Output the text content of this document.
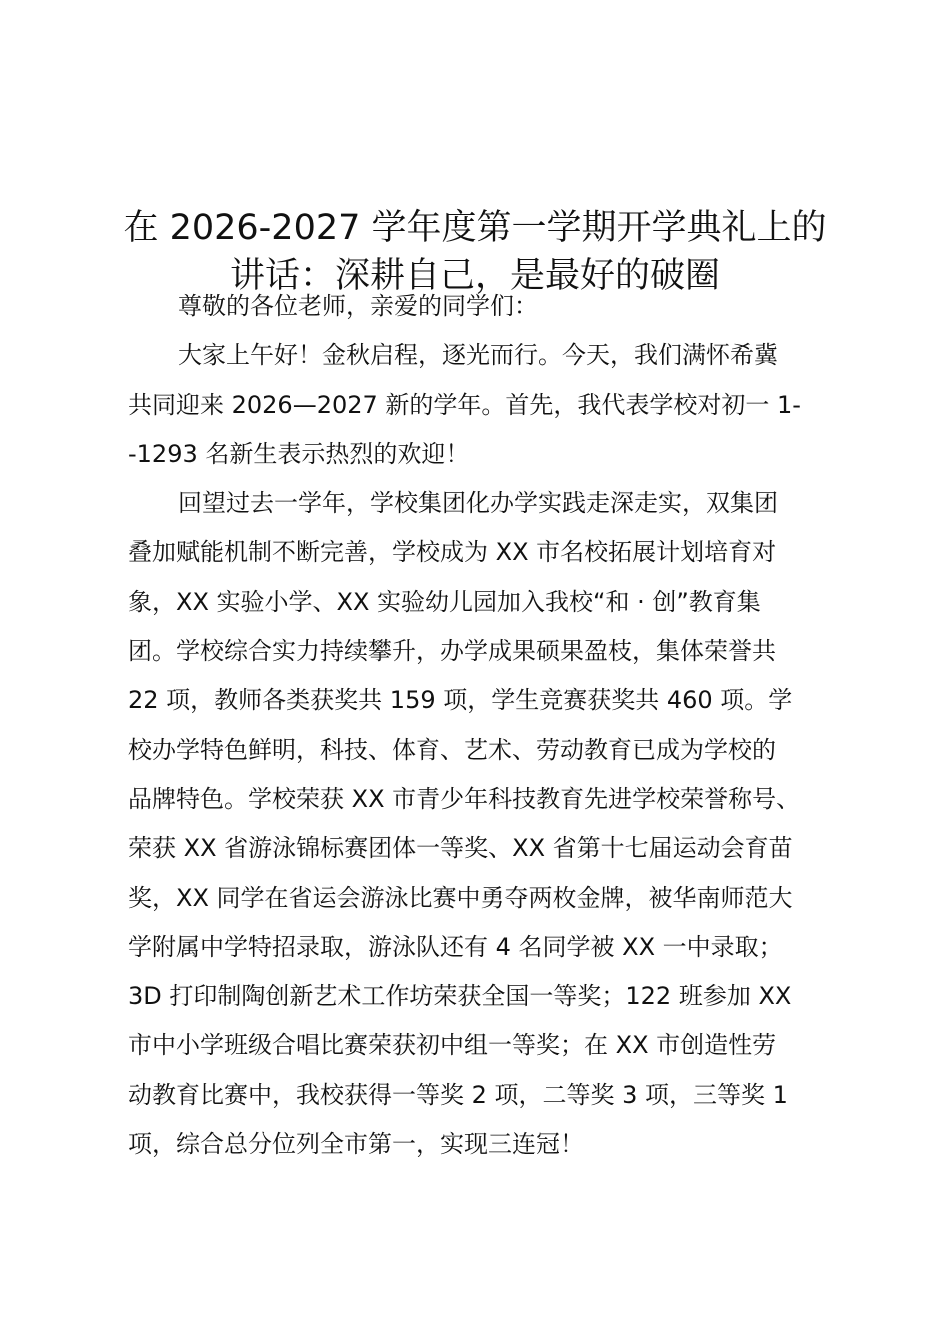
在 2026-2027 学年度第一学期开学典礼上的
讲话：深耕自己，是最好的破圈
尊敬的各位老师，亲爱的同学们：
大家上午好！金秋启程，逐光而行。今天，我们满怀希冀
共同迎来 2026—2027 新的学年。首先，我代表学校对初一 1-
-1293 名新生表示热烈的欢迎！
回望过去一学年，学校集团化办学实践走深走实，双集团
叠加赋能机制不断完善，学校成为 XX 市名校拓展计划培育对
象，XX 实验小学、XX 实验幼儿园加入我校“和 · 创”教育集
团。学校综合实力持续攀升，办学成果硕果盈枝，集体荣誉共
22 项，教师各类获奖共 159 项，学生竞赛获奖共 460 项。学
校办学特色鲜明，科技、体育、艺术、劳动教育已成为学校的
品牌特色。学校荣获 XX 市青少年科技教育先进学校荣誉称号、
荣获 XX 省游泳锦标赛团体一等奖、XX 省第十七届运动会育苗
奖，XX 同学在省运会游泳比赛中勇夺两枚金牌，被华南师范大
学附属中学特招录取，游泳队还有 4 名同学被 XX 一中录取；
3D 打印制陶创新艺术工作坊荣获全国一等奖；122 班参加 XX
市中小学班级合唱比赛荣获初中组一等奖；在 XX 市创造性劳
动教育比赛中，我校获得一等奖 2 项，二等奖 3 项，三等奖 1
项，综合总分位列全市第一，实现三连冠！
